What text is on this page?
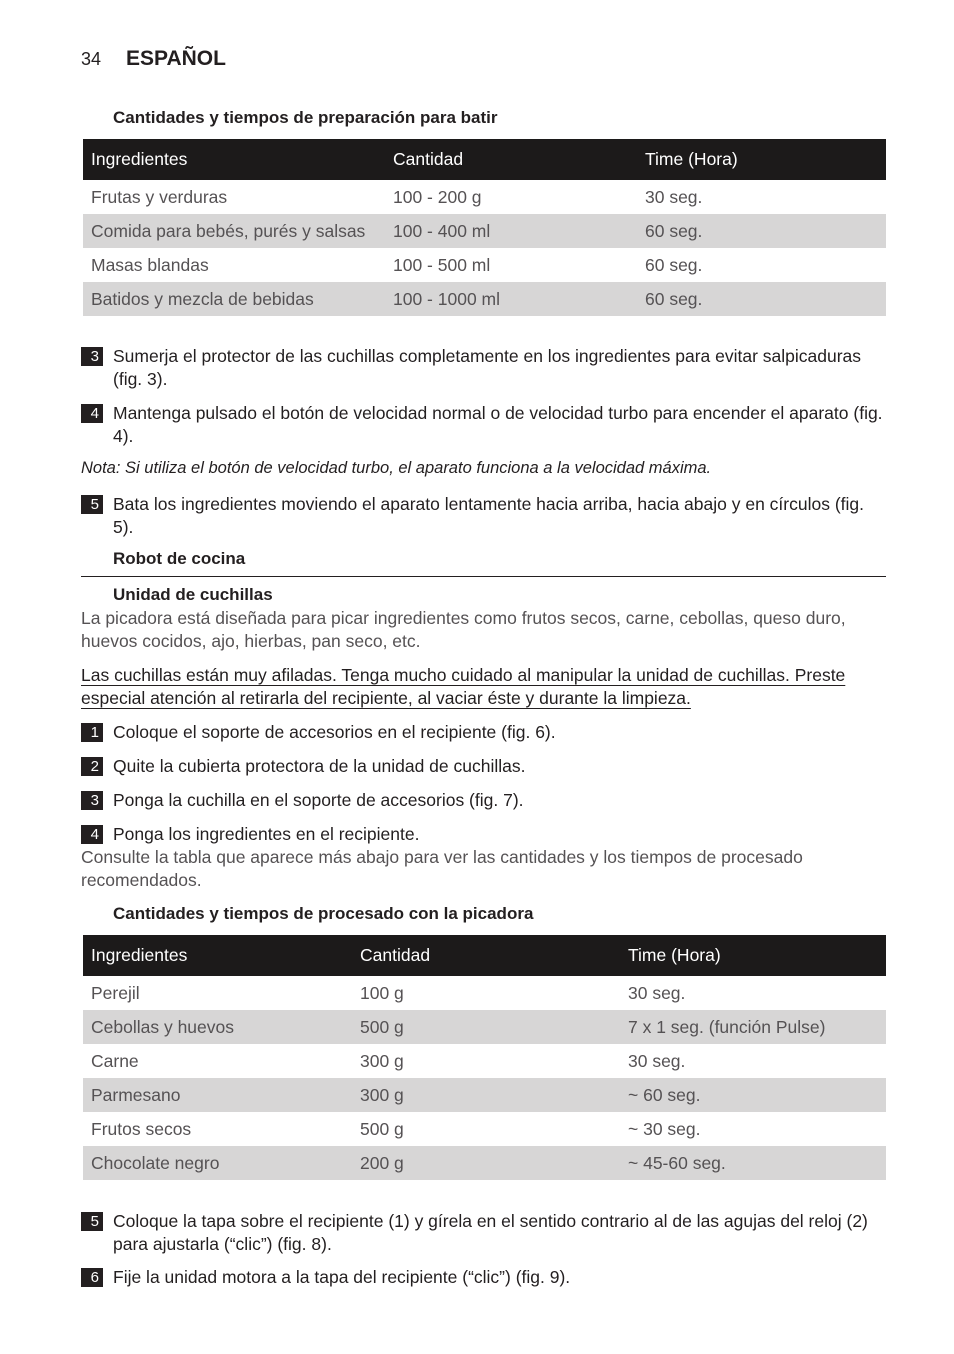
34 ESPAÑOL
Cantidades y tiempos de preparación para batir
Ingredientes	Cantidad	Time (Hora)
Frutas y verduras	100 - 200 g	30 seg.
Comida para bebés, purés y salsas	100 - 400 ml	60 seg.
Masas blandas	100 - 500 ml	60 seg.
Batidos y mezcla de bebidas	100 - 1000 ml	60 seg.
3 Sumerja el protector de las cuchillas completamente en los ingredientes para evitar salpicaduras (fig. 3).
4 Mantenga pulsado el botón de velocidad normal o de velocidad turbo para encender el aparato (fig. 4).
Nota: Si utiliza el botón de velocidad turbo, el aparato funciona a la velocidad máxima.
5 Bata los ingredientes moviendo el aparato lentamente hacia arriba, hacia abajo y en círculos (fig. 5).
Robot de cocina
Unidad de cuchillas
La picadora está diseñada para picar ingredientes como frutos secos, carne, cebollas, queso duro, huevos cocidos, ajo, hierbas, pan seco, etc.
Las cuchillas están muy afiladas. Tenga mucho cuidado al manipular la unidad de cuchillas. Preste especial atención al retirarla del recipiente, al vaciar éste y durante la limpieza.
1 Coloque el soporte de accesorios en el recipiente (fig. 6).
2 Quite la cubierta protectora de la unidad de cuchillas.
3 Ponga la cuchilla en el soporte de accesorios (fig. 7).
4 Ponga los ingredientes en el recipiente.
Consulte la tabla que aparece más abajo para ver las cantidades y los tiempos de procesado recomendados.
Cantidades y tiempos de procesado con la picadora
Ingredientes	Cantidad	Time (Hora)
Perejil	100 g	30 seg.
Cebollas y huevos	500 g	7 x 1 seg. (función Pulse)
Carne	300 g	30 seg.
Parmesano	300 g	~ 60 seg.
Frutos secos	500 g	~ 30 seg.
Chocolate negro	200 g	~ 45-60 seg.
5 Coloque la tapa sobre el recipiente (1) y gírela en el sentido contrario al de las agujas del reloj (2) para ajustarla (“clic”) (fig. 8).
6 Fije la unidad motora a la tapa del recipiente (“clic”) (fig. 9).
